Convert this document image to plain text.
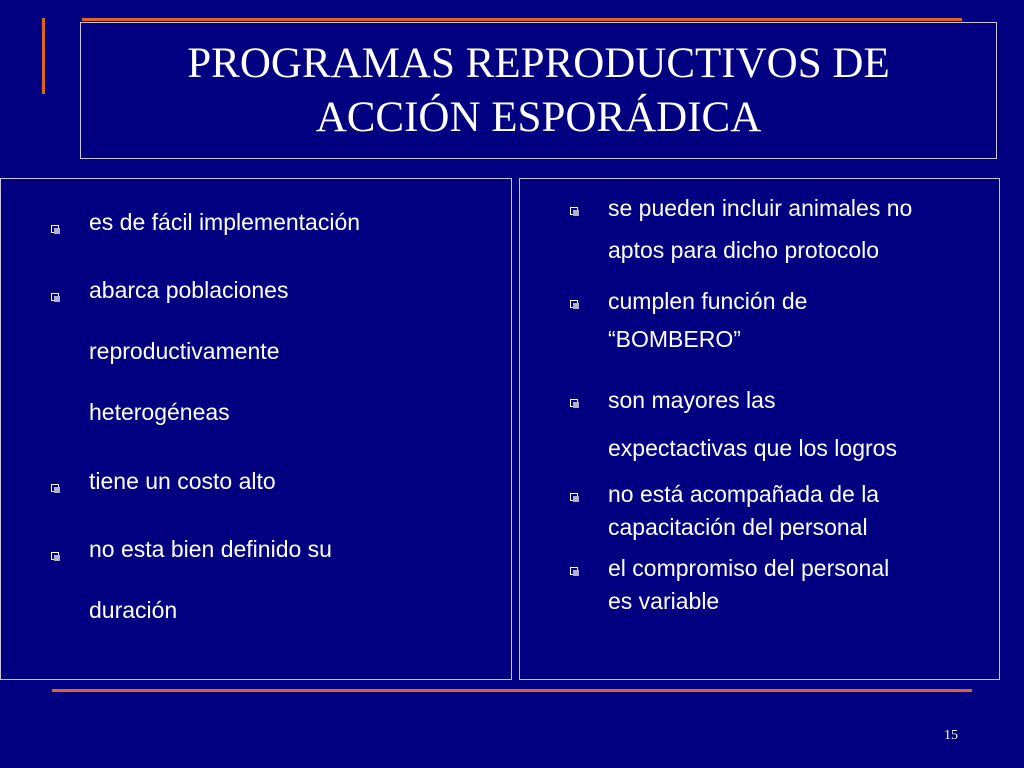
PROGRAMAS REPRODUCTIVOS DE
ACCIÓN ESPORÁDICA
es de fácil implementación
abarca poblaciones
reproductivamente
heterogéneas
tiene un costo alto
no esta bien definido su
duración
se pueden incluir animales no
aptos para dicho protocolo
cumplen función de
“BOMBERO”
son mayores las
expectactivas que los logros
no está acompañada de la
capacitación del personal
el compromiso del personal
es variable
15
